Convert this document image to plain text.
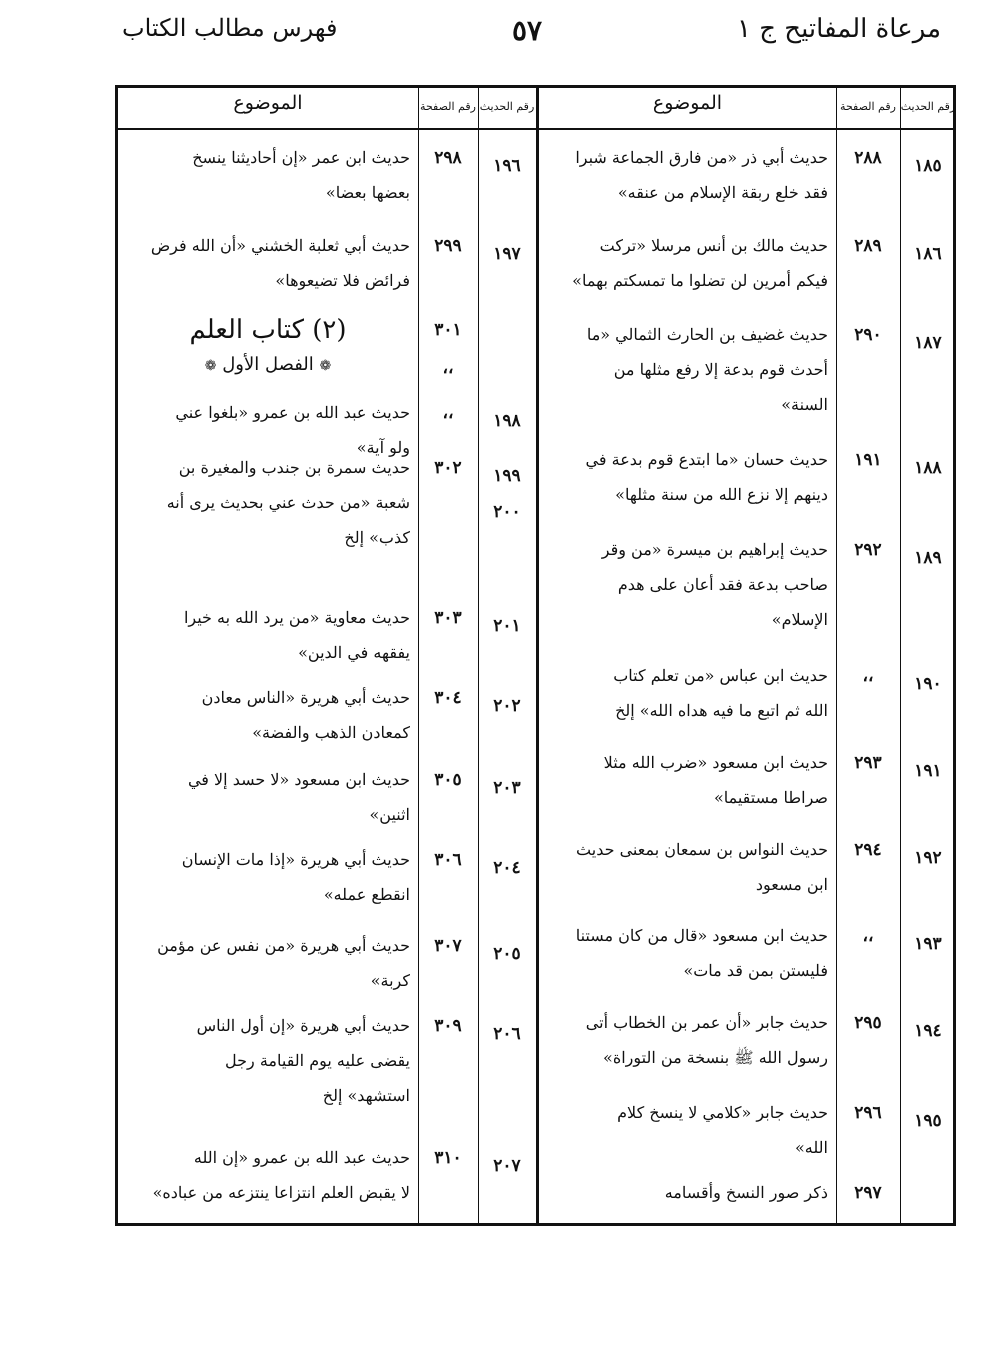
مرعاة المفاتيح ج ١
٥٧
فهرس مطالب الكتاب
رقم الحديث
رقم الصفحة
الموضوع
رقم الحديث
رقم الصفحة
الموضوع
(٢) كتاب العلم
❁ الفصل الأول ❁
٣٠١
،،
١٨٥
٢٨٨
حديث أبي ذر «من فارق الجماعة شبرا
فقد خلع ربقة الإسلام من عنقه»
١٨٦
٢٨٩
حديث مالك بن أنس مرسلا «تركت
فيكم أمرين لن تضلوا ما تمسكتم بهما»
١٨٧
٢٩٠
حديث غضيف بن الحارث الثمالي «ما
أحدث قوم بدعة إلا رفع مثلها من
السنة»
١٨٨
١٩١
حديث حسان «ما ابتدع قوم بدعة في
دينهم إلا نزع الله من سنة مثلها»
١٨٩
٢٩٢
حديث إبراهيم بن ميسرة «من وقر
صاحب بدعة فقد أعان على هدم
الإسلام»
١٩٠
،،
حديث ابن عباس «من تعلم كتاب
الله ثم اتبع ما فيه هداه الله» إلخ
١٩١
٢٩٣
حديث ابن مسعود «ضرب الله مثلا
صراطا مستقيما»
١٩٢
٢٩٤
حديث النواس بن سمعان بمعنى حديث
ابن مسعود
١٩٣
،،
حديث ابن مسعود «قال من كان مستنا
فليستن بمن قد مات»
١٩٤
٢٩٥
حديث جابر «أن عمر بن الخطاب أتى
رسول الله ﷺ بنسخة من التوراة»
١٩٥
٢٩٦
حديث جابر «كلامي لا ينسخ كلام
الله»
٢٩٧
ذكر صور النسخ وأقسامه
١٩٦
٢٩٨
حديث ابن عمر «إن أحاديثنا ينسخ
بعضها بعضا»
١٩٧
٢٩٩
حديث أبي ثعلبة الخشني «أن الله فرض
فرائض فلا تضيعوها»
١٩٨
،،
حديث عبد الله بن عمرو «بلغوا عني
ولو آية»
١٩٩
٢٠٠
٣٠٢
حديث سمرة بن جندب والمغيرة بن
شعبة «من حدث عني بحديث يرى أنه
كذب» إلخ
٢٠١
٣٠٣
حديث معاوية «من يرد الله به خيرا
يفقهه في الدين»
٢٠٢
٣٠٤
حديث أبي هريرة «الناس معادن
كمعادن الذهب والفضة»
٢٠٣
٣٠٥
حديث ابن مسعود «لا حسد إلا في
اثنين»
٢٠٤
٣٠٦
حديث أبي هريرة «إذا مات الإنسان
انقطع عمله»
٢٠٥
٣٠٧
حديث أبي هريرة «من نفس عن مؤمن
كربة»
٢٠٦
٣٠٩
حديث أبي هريرة «إن أول الناس
يقضى عليه يوم القيامة رجل
استشهد» إلخ
٢٠٧
٣١٠
حديث عبد الله بن عمرو «إن الله
لا يقبض العلم انتزاعا ينتزعه من عباده»
